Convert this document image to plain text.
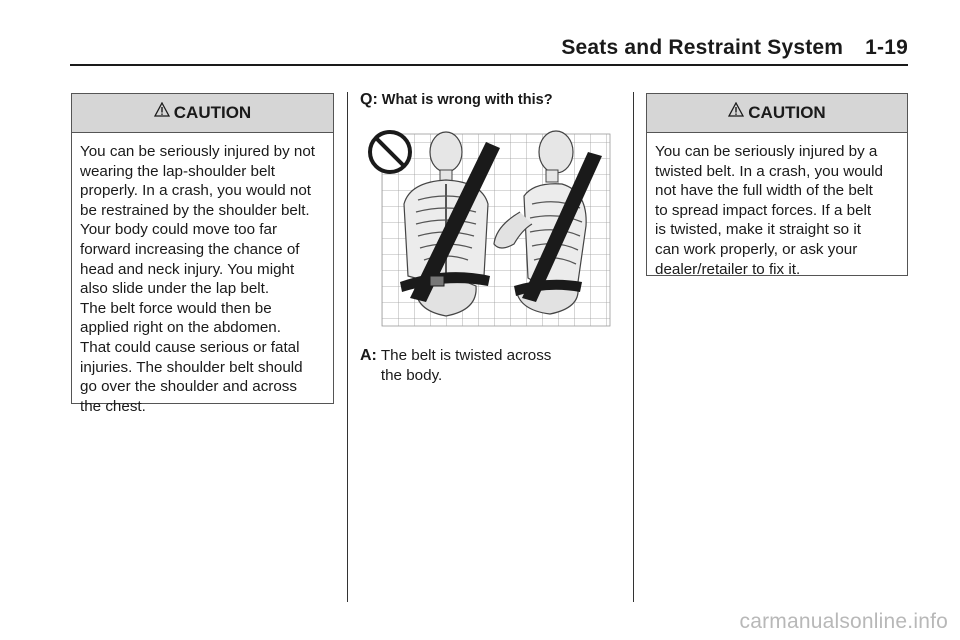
Seats and Restraint System 1-19
CAUTION

You can be seriously injured by not

wearing the lap-shoulder belt

properly. In a crash, you would not

be restrained by the shoulder belt.

Your body could move too far

forward increasing the chance of

head and neck injury. You might

also slide under the lap belt.

The belt force would then be

applied right on the abdomen.

That could cause serious or fatal

injuries. The shoulder belt should

go over the shoulder and across

the chest.

Q: What is wrong with this?
A: The belt is twisted across
the body.
CAUTION

You can be seriously injured by a

twisted belt. In a crash, you would

not have the full width of the belt

to spread impact forces. If a belt

is twisted, make it straight so it

can work properly, or ask your

dealer/retailer to fix it.

carmanualsonline.info
